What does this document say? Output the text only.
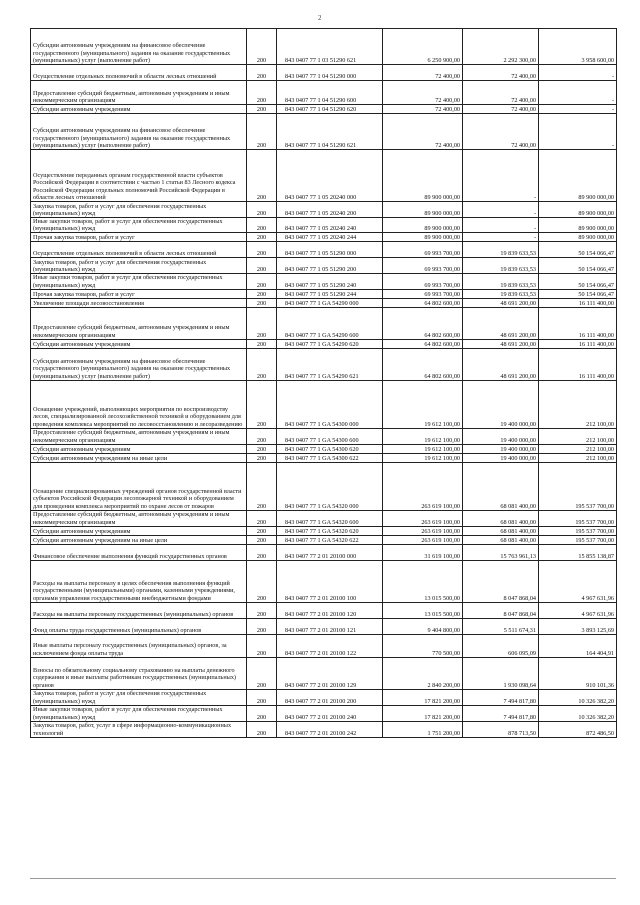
2
Субсидии автономным учреждениям на финансовое обеспечение государственного (муниципального) задания на оказание государственных (муниципальных) услуг (выполнение работ)	200	843 0407 77 1 03 51290 621	6 250 900,00	2 292 300,00	3 958 600,00
Осуществление отдельных полномочий в области лесных отношений	200	843 0407 77 1 04 51290 000	72 400,00	72 400,00	-
Предоставление субсидий бюджетным, автономным учреждениям и иным некоммерческим организациям	200	843 0407 77 1 04 51290 600	72 400,00	72 400,00	-
Субсидии автономным учреждениям	200	843 0407 77 1 04 51290 620	72 400,00	72 400,00	-
Субсидии автономным учреждениям на финансовое обеспечение государственного (муниципального) задания на оказание государственных (муниципальных) услуг (выполнение работ)	200	843 0407 77 1 04 51290 621	72 400,00	72 400,00	-
Осуществление переданных органам государственной власти субъектов Российской Федерации в соответствии с частью 1 статьи 83 Лесного кодекса Российской Федерации отдельных полномочий Российской Федерации в области лесных отношений	200	843 0407 77 1 05 20240 000	89 900 000,00	-	89 900 000,00
Закупка товаров, работ и услуг для обеспечения государственных (муниципальных) нужд	200	843 0407 77 1 05 20240 200	89 900 000,00	-	89 900 000,00
Иные закупки товаров, работ и услуг для обеспечения государственных (муниципальных) нужд	200	843 0407 77 1 05 20240 240	89 900 000,00	-	89 900 000,00
Прочая закупка товаров, работ и услуг	200	843 0407 77 1 05 20240 244	89 900 000,00	-	89 900 000,00
Осуществление отдельных полномочий в области лесных отношений	200	843 0407 77 1 05 51290 000	69 993 700,00	19 839 633,53	50 154 066,47
Закупка товаров, работ и услуг для обеспечения государственных (муниципальных) нужд	200	843 0407 77 1 05 51290 200	69 993 700,00	19 839 633,53	50 154 066,47
Иные закупки товаров, работ и услуг для обеспечения государственных (муниципальных) нужд	200	843 0407 77 1 05 51290 240	69 993 700,00	19 839 633,53	50 154 066,47
Прочая закупка товаров, работ и услуг	200	843 0407 77 1 05 51290 244	69 993 700,00	19 839 633,53	50 154 066,47
Увеличение площади лесовосстановления	200	843 0407 77 1 GA 54290 000	64 802 600,00	48 691 200,00	16 111 400,00
Предоставление субсидий бюджетным, автономным учреждениям и иным некоммерческим организациям	200	843 0407 77 1 GA 54290 600	64 802 600,00	48 691 200,00	16 111 400,00
Субсидии автономным учреждениям	200	843 0407 77 1 GA 54290 620	64 802 600,00	48 691 200,00	16 111 400,00
Субсидии автономным учреждениям на финансовое обеспечение государственного (муниципального) задания на оказание государственных (муниципальных) услуг (выполнение работ)	200	843 0407 77 1 GA 54290 621	64 802 600,00	48 691 200,00	16 111 400,00
Оснащение учреждений, выполняющих мероприятия по воспроизводству лесов, специализированной лесохозяйственной техникой и оборудованием для проведения комплекса мероприятий по лесовосстановлению и лесоразведению	200	843 0407 77 1 GA 54300 000	19 612 100,00	19 400 000,00	212 100,00
Предоставление субсидий бюджетным, автономным учреждениям и иным некоммерческим организациям	200	843 0407 77 1 GA 54300 600	19 612 100,00	19 400 000,00	212 100,00
Субсидии автономным учреждениям	200	843 0407 77 1 GA 54300 620	19 612 100,00	19 400 000,00	212 100,00
Субсидии автономным учреждениям на иные цели	200	843 0407 77 1 GA 54300 622	19 612 100,00	19 400 000,00	212 100,00
Оснащение специализированных учреждений органов государственной власти субъектов Российской Федерации лесопожарной техникой и оборудованием для проведения комплекса мероприятий по охране лесов от пожаров	200	843 0407 77 1 GA 54320 000	263 619 100,00	68 081 400,00	195 537 700,00
Предоставление субсидий бюджетным, автономным учреждениям и иным некоммерческим организациям	200	843 0407 77 1 GA 54320 600	263 619 100,00	68 081 400,00	195 537 700,00
Субсидии автономным учреждениям	200	843 0407 77 1 GA 54320 620	263 619 100,00	68 081 400,00	195 537 700,00
Субсидии автономным учреждениям на иные цели	200	843 0407 77 1 GA 54320 622	263 619 100,00	68 081 400,00	195 537 700,00
Финансовое обеспечение выполнения функций государственных органов	200	843 0407 77 2 01 20100 000	31 619 100,00	15 763 961,13	15 855 138,87
Расходы на выплаты персоналу в целях обеспечения выполнения функций государственными (муниципальными) органами, казенными учреждениями, органами управления государственными внебюджетными фондами	200	843 0407 77 2 01 20100 100	13 015 500,00	8 047 868,04	4 967 631,96
Расходы на выплаты персоналу государственных (муниципальных) органов	200	843 0407 77 2 01 20100 120	13 015 500,00	8 047 868,04	4 967 631,96
Фонд оплаты труда государственных (муниципальных) органов	200	843 0407 77 2 01 20100 121	9 404 800,00	5 511 674,31	3 893 125,69
Иные выплаты персоналу государственных (муниципальных) органов, за исключением фонда оплаты труда	200	843 0407 77 2 01 20100 122	770 500,00	606 095,09	164 404,91
Взносы по обязательному социальному страхованию на выплаты денежного содержания и иные выплаты работникам государственных (муниципальных) органов	200	843 0407 77 2 01 20100 129	2 840 200,00	1 930 098,64	910 101,36
Закупка товаров, работ и услуг для обеспечения государственных (муниципальных) нужд	200	843 0407 77 2 01 20100 200	17 821 200,00	7 494 817,80	10 326 382,20
Иные закупки товаров, работ и услуг для обеспечения государственных (муниципальных) нужд	200	843 0407 77 2 01 20100 240	17 821 200,00	7 494 817,80	10 326 382,20
Закупка товаров, работ, услуг в сфере информационно-коммуникационных технологий	200	843 0407 77 2 01 20100 242	1 751 200,00	878 713,50	872 486,50
